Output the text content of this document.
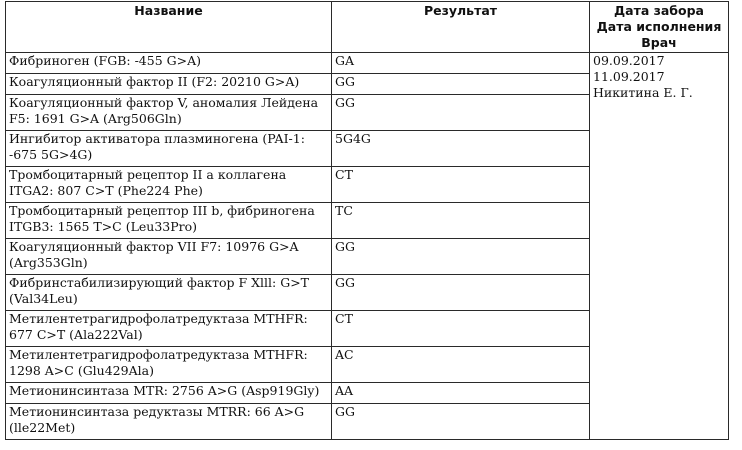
Название	Результат	Дата забора
Дата исполнения
Врач

Фибриноген (FGB: -455 G>A)	GA	09.09.2017
11.09.2017
Никитина Е. Г.

Коагуляционный фактор II (F2: 20210 G>A)	GG	
Коагуляционный фактор V, аномалия Лейдена F5: 1691 G>A (Arg506Gln)	GG	
Ингибитор активатора плазминогена (PAI-1: -675 5G>4G)	5G4G	
Тромбоцитарный рецептор II а коллагена ITGA2: 807 C>T (Phe224 Phe)	CT	
Тромбоцитарный рецептор III b, фибриногена ITGB3: 1565 T>C (Leu33Pro)	TC	
Коагуляционный фактор VII F7: 10976 G>A (Arg353Gln)	GG	
Фибринстабилизирующий фактор F Xlll: G>T (Val34Leu)	GG	
Метилентетрагидрофолатредуктаза MTHFR: 677 C>T (Ala222Val)	CT	
Метилентетрагидрофолатредуктаза MTHFR: 1298 A>C (Glu429Ala)	AC	
Метионинсинтаза MTR: 2756 A>G (Asp919Gly)	AA	
Метионинсинтаза редуктазы MTRR: 66 A>G (lle22Met)	GG	
